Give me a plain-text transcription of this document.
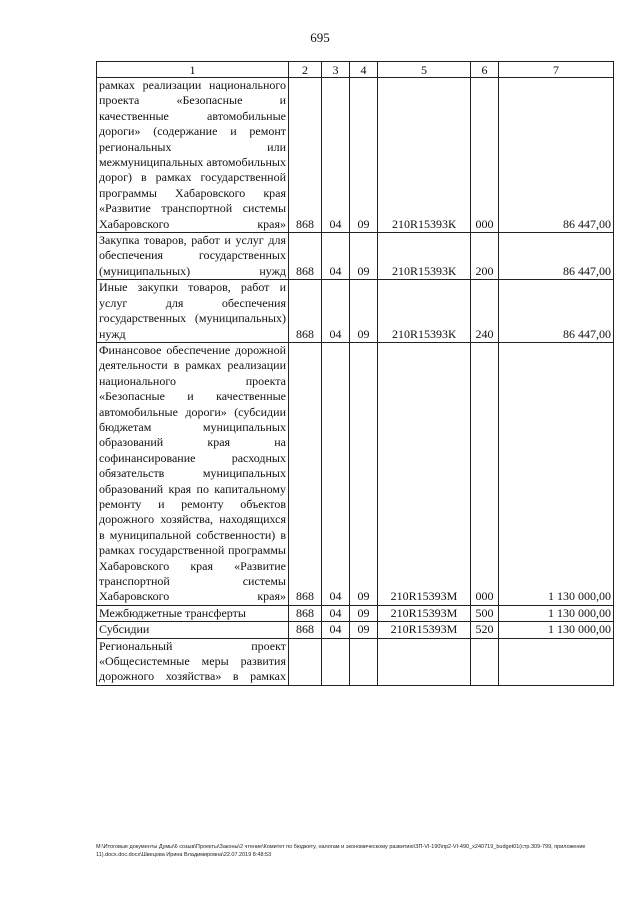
695
1	2	3	4	5	6	7
рамках реализации национального проекта «Безопасные и качественные автомобильные дороги» (содержание и ремонт региональных или межмуниципальных автомобильных дорог) в рамках государственной программы Хабаровского края «Развитие транспортной системы Хабаровского края»	868	04	09	210R15393К	000	86 447,00
Закупка товаров, работ и услуг для обеспечения государственных (муниципальных) нужд	868	04	09	210R15393К	200	86 447,00
Иные закупки товаров, работ и услуг для обеспечения государственных (муниципальных) нужд	868	04	09	210R15393К	240	86 447,00
Финансовое обеспечение дорожной деятельности в рамках реализации национального проекта «Безопасные и качественные автомобильные дороги» (субсидии бюджетам муниципальных образований края на софинансирование расходных обязательств муниципальных образований края по капитальному ремонту и ремонту объектов дорожного хозяйства, находящихся в муниципальной собственности) в рамках государственной программы Хабаровского края «Развитие транспортной системы Хабаровского края»	868	04	09	210R15393М	000	1 130 000,00
Межбюджетные трансферты	868	04	09	210R15393М	500	1 130 000,00
Субсидии	868	04	09	210R15393М	520	1 130 000,00
Региональный проект «Общесистемные меры развития дорожного хозяйства» в рамках						
M:\Итоговые документы Думы\6 созыв\Проекты\Законы\2 чтение\Комитет по бюджету, налогам и экономическому развитию\ЗП-VI-190\пр2-VI-490_x240719_budget01(стр.309-799, приложение 11).docx.doc.docx\Швецова Ирина Владимировна\22.07.2019 8:48:53
